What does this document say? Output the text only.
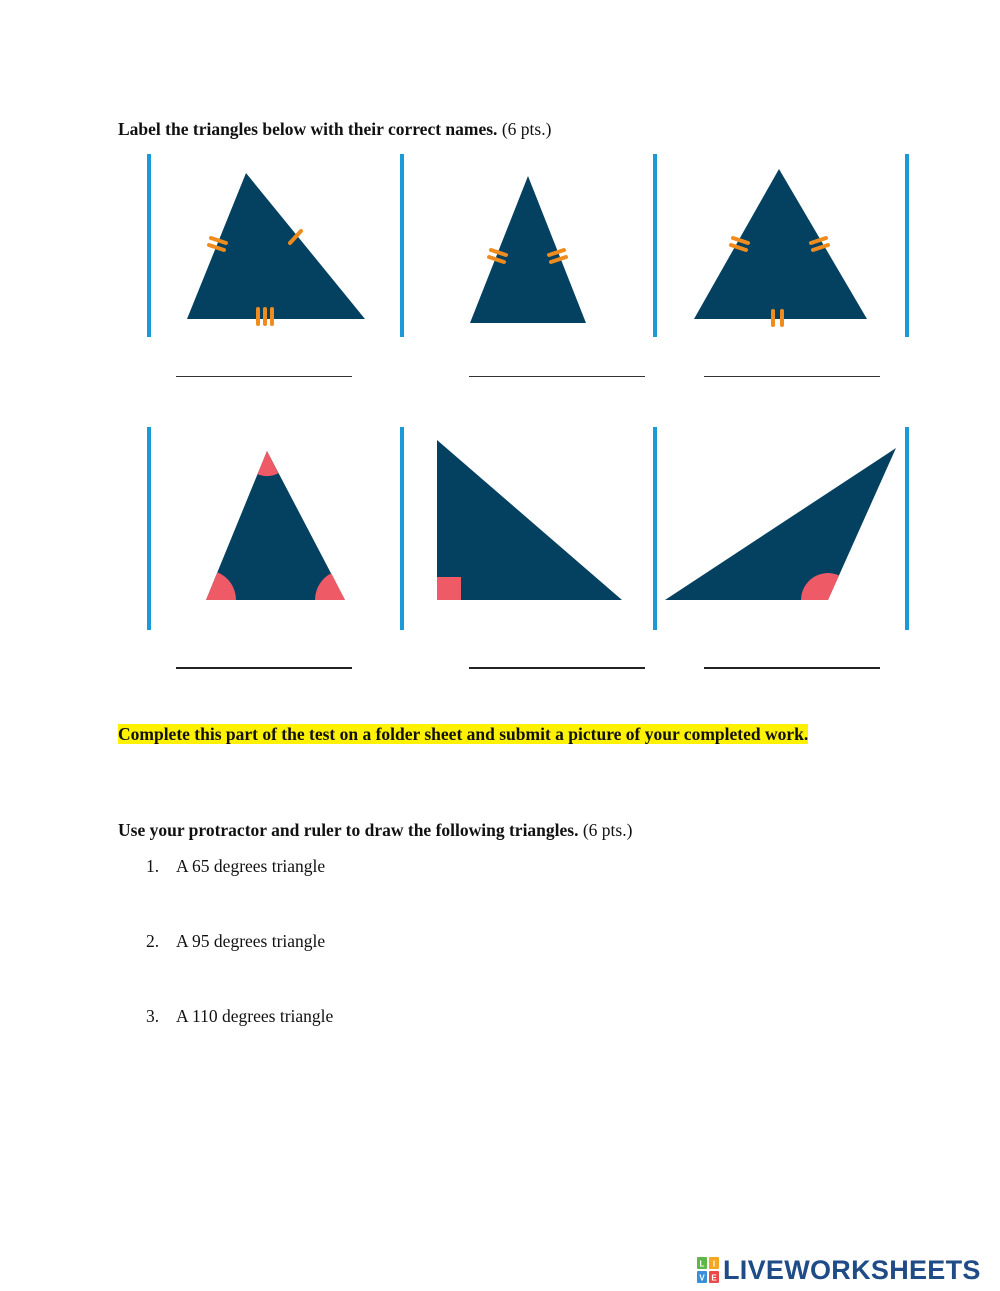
Label the triangles below with their correct names. (6 pts.)
Complete this part of the test on a folder sheet and submit a picture of your completed work.
Use your protractor and ruler to draw the following triangles. (6 pts.)
1. A 65 degrees triangle
2. A 95 degrees triangle
3. A 110 degrees triangle
L I
V E LIVEWORKSHEETS
